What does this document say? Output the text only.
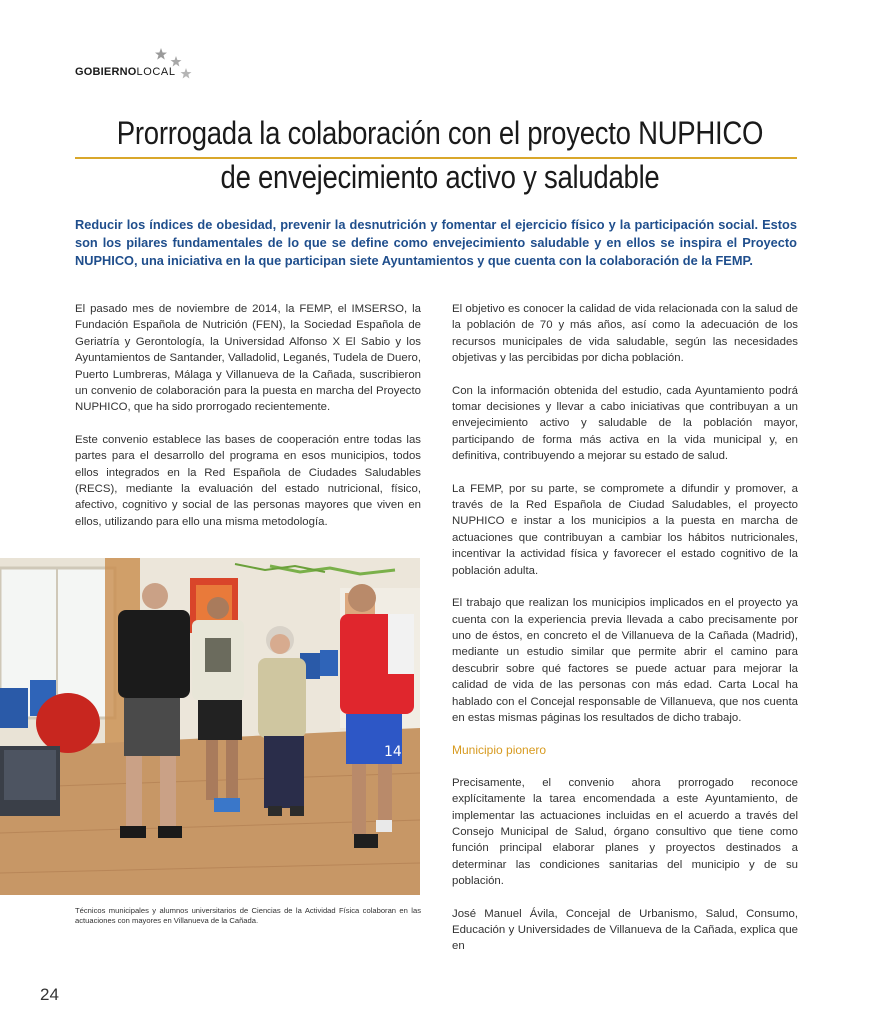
GOBIERNOLOCAL
Prorrogada la colaboración con el proyecto NUPHICO
de envejecimiento activo y saludable
Reducir los índices de obesidad, prevenir la desnutrición y fomentar el ejercicio físico y la participación social. Estos son los pilares fundamentales de lo que se define como envejecimiento saludable y en ellos se inspira el Proyecto NUPHICO, una iniciativa en la que participan siete Ayuntamientos y que cuenta con la colaboración de la FEMP.

El pasado mes de noviembre de 2014, la FEMP, el IMSERSO, la Fundación Española de Nutrición (FEN), la Sociedad Española de Geriatría y Gerontología, la Universidad Alfonso X El Sabio y los Ayuntamientos de Santander, Valladolid, Leganés, Tudela de Duero, Puerto Lumbreras, Málaga y Villanueva de la Cañada, suscribieron un convenio de colaboración para la puesta en marcha del Proyecto NUPHICO, que ha sido prorrogado recientemente.

Este convenio establece las bases de cooperación entre todas las partes para el desarrollo del programa en esos municipios, todos ellos integrados en la Red Española de Ciudades Saludables (RECS), mediante la evaluación del estado nutricional, físico, afectivo, cognitivo y social de las personas mayores que viven en ellos, utilizando para ello una misma metodología.

14
Técnicos municipales y alumnos universitarios de Ciencias de la Actividad Física colaboran en las actuaciones con mayores en Villanueva de la Cañada.

El objetivo es conocer la calidad de vida relacionada con la salud de la población de 70 y más años, así como la adecuación de los recursos municipales de vida saludable, según las necesidades objetivas y las percibidas por dicha población.

Con la información obtenida del estudio, cada Ayuntamiento podrá tomar decisiones y llevar a cabo iniciativas que contribuyan a un envejecimiento activo y saludable de la población mayor, participando de forma más activa en la vida municipal y, en definitiva, contribuyendo a mejorar su estado de salud.

La FEMP, por su parte, se compromete a difundir y promover, a través de la Red Española de Ciudad Saludables, el proyecto NUPHICO e instar a los municipios a la puesta en marcha de actuaciones que contribuyan a cambiar los hábitos nutricionales, incentivar la actividad física y favorecer el estado cognitivo de la población adulta.

El trabajo que realizan los municipios implicados en el proyecto ya cuenta con la experiencia previa llevada a cabo precisamente por uno de éstos, en concreto el de Villanueva de la Cañada (Madrid), mediante un estudio similar que permite abrir el camino para descubrir sobre qué factores se puede actuar para mejorar la calidad de vida de las personas con más edad. Carta Local ha hablado con el Concejal responsable de Villanueva, que nos cuenta en estas mismas páginas los resultados de dicho trabajo.

Municipio pionero

Precisamente, el convenio ahora prorrogado reconoce explícitamente la tarea encomendada a este Ayuntamiento, de implementar las actuaciones incluidas en el acuerdo a través del Consejo Municipal de Salud, órgano consultivo que tiene como función principal elaborar planes y proyectos destinados a determinar las condiciones sanitarias del municipio y de su población.

José Manuel Ávila, Concejal de Urbanismo, Salud, Consumo, Educación y Universidades de Villanueva de la Cañada, explica que en

24
